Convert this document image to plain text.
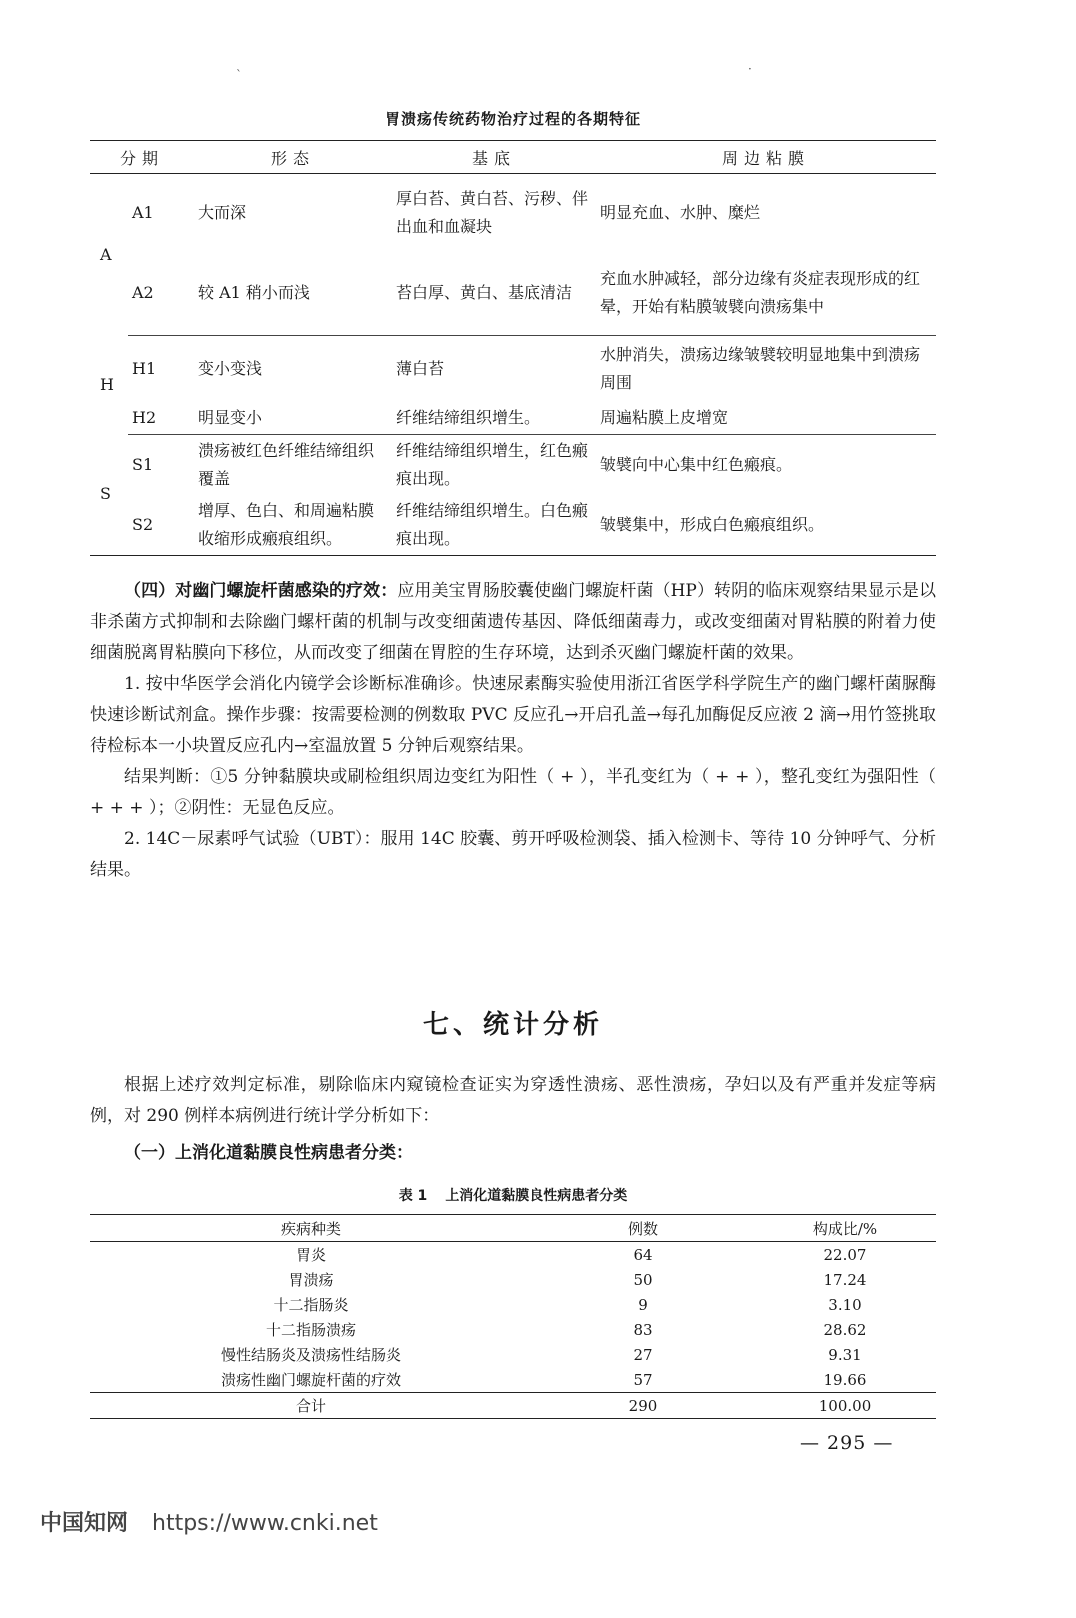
ˋ	·
胃溃疡传统药物治疗过程的各期特征
分期		形态	基底	周边粘膜
A	A1	大而深	厚白苔、黄白苔、污秽、伴出血和血凝块	明显充血、水肿、糜烂
	A2	较 A1 稍小而浅	苔白厚、黄白、基底清洁	充血水肿减轻，部分边缘有炎症表现形成的红晕，开始有粘膜皱襞向溃疡集中
H	H1	变小变浅	薄白苔	水肿消失，溃疡边缘皱襞较明显地集中到溃疡周围
	H2	明显变小	纤维结缔组织增生。	周遍粘膜上皮增宽
S	S1	溃疡被红色纤维结缔组织覆盖	纤维结缔组织增生，红色瘢痕出现。	皱襞向中心集中红色瘢痕。
	S2	增厚、色白、和周遍粘膜收缩形成瘢痕组织。	纤维结缔组织增生。白色瘢痕出现。	皱襞集中，形成白色瘢痕组织。

（四）对幽门螺旋杆菌感染的疗效：应用美宝胃肠胶囊使幽门螺旋杆菌（HP）转阴的临床观察结果显示是以非杀菌方式抑制和去除幽门螺杆菌的机制与改变细菌遗传基因、降低细菌毒力，或改变细菌对胃粘膜的附着力使细菌脱离胃粘膜向下移位，从而改变了细菌在胃腔的生存环境，达到杀灭幽门螺旋杆菌的效果。

1. 按中华医学会消化内镜学会诊断标准确诊。快速尿素酶实验使用浙江省医学科学院生产的幽门螺杆菌脲酶快速诊断试剂盒。操作步骤：按需要检测的例数取 PVC 反应孔→开启孔盖→每孔加酶促反应液 2 滴→用竹签挑取待检标本一小块置反应孔内→室温放置 5 分钟后观察结果。

结果判断：①5 分钟黏膜块或刷检组织周边变红为阳性（ + ），半孔变红为（ + + ），整孔变红为强阳性（ + + + ）；②阴性：无显色反应。

2. 14C－尿素呼气试验（UBT）：服用 14C 胶囊、剪开呼吸检测袋、插入检测卡、等待 10 分钟呼气、分析结果。

七、统计分析

根据上述疗效判定标准，剔除临床内窥镜检查证实为穿透性溃疡、恶性溃疡，孕妇以及有严重并发症等病例，对 290 例样本病例进行统计学分析如下：

（一）上消化道黏膜良性病患者分类：
表 1 上消化道黏膜良性病患者分类
疾病种类	例数	构成比/%
胃炎	64	22.07
胃溃疡	50	17.24
十二指肠炎	9	3.10
十二指肠溃疡	83	28.62
慢性结肠炎及溃疡性结肠炎	27	9.31
溃疡性幽门螺旋杆菌的疗效	57	19.66
合计	290	100.00
— 295 —
中国知网 https://www.cnki.net
